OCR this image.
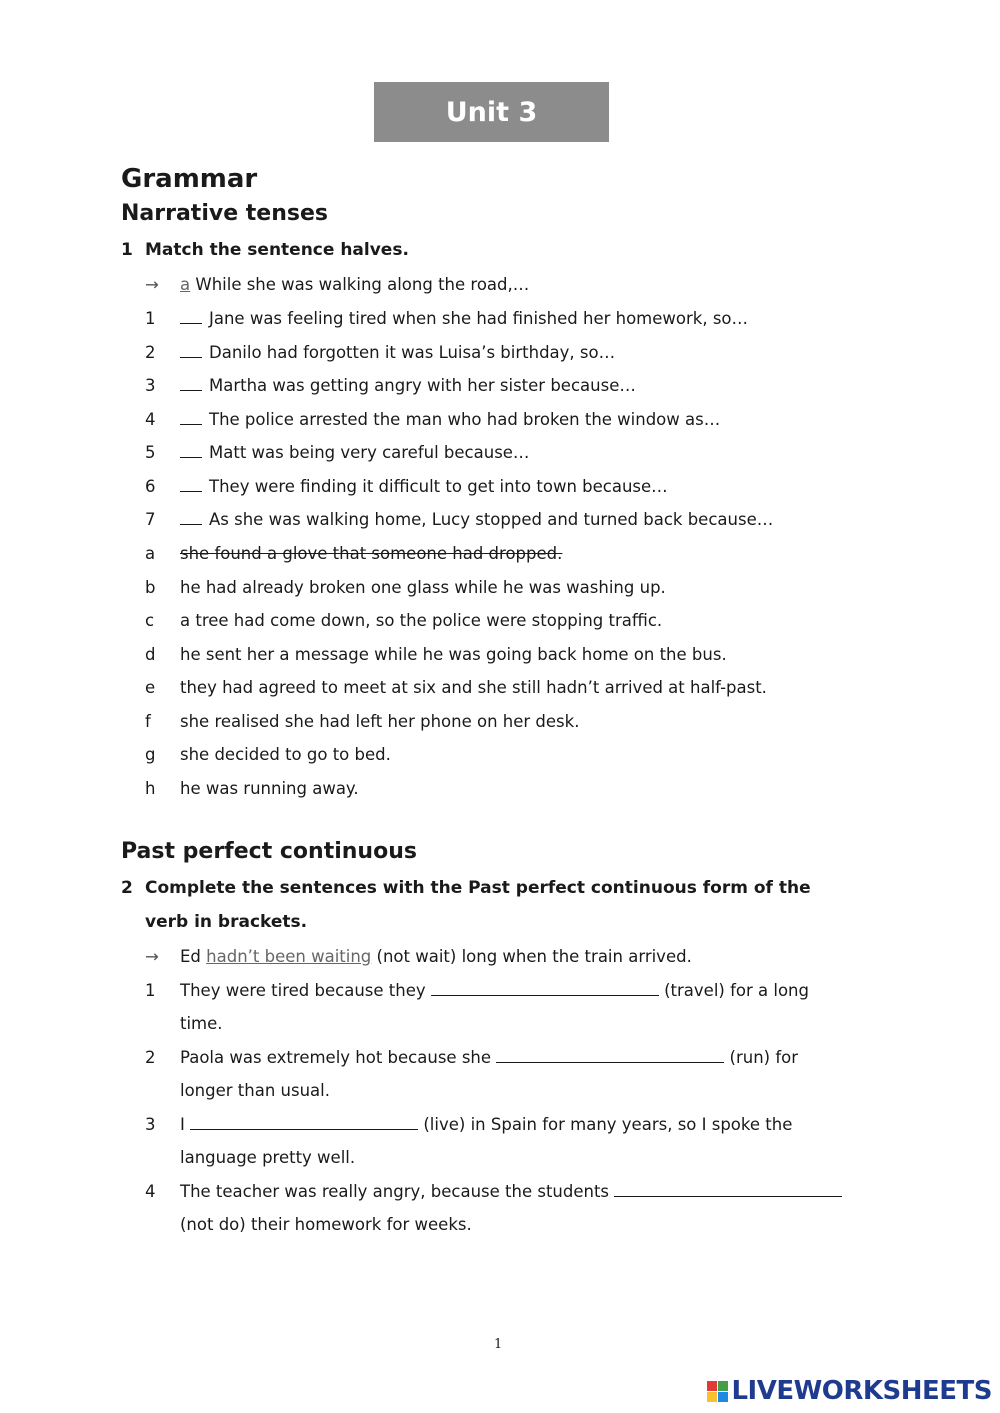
Unit 3
Grammar
Narrative tenses
1 Match the sentence halves.
→ a While she was walking along the road,…
1	Jane was feeling tired when she had finished her homework, so…
2	Danilo had forgotten it was Luisa’s birthday, so…
3	Martha was getting angry with her sister because…
4	The police arrested the man who had broken the window as…
5	Matt was being very careful because…
6	They were finding it difficult to get into town because…
7	As she was walking home, Lucy stopped and turned back because…
a she found a glove that someone had dropped.
b he had already broken one glass while he was washing up.
c a tree had come down, so the police were stopping traffic.
d he sent her a message while he was going back home on the bus.
e they had agreed to meet at six and she still hadn’t arrived at half-past.
f she realised she had left her phone on her desk.
g she decided to go to bed.
h he was running away.
Past perfect continuous
2 Complete the sentences with the Past perfect continuous form of the
verb in brackets.
→ Ed hadn’t been waiting (not wait) long when the train arrived.
1 They were tired because they	(travel) for a long
time.
2 Paola was extremely hot because she	(run) for
longer than usual.
3 I	(live) in Spain for many years, so I spoke the
language pretty well.
4 The teacher was really angry, because the students
(not do) their homework for weeks.
1
LIVEWORKSHEETS
